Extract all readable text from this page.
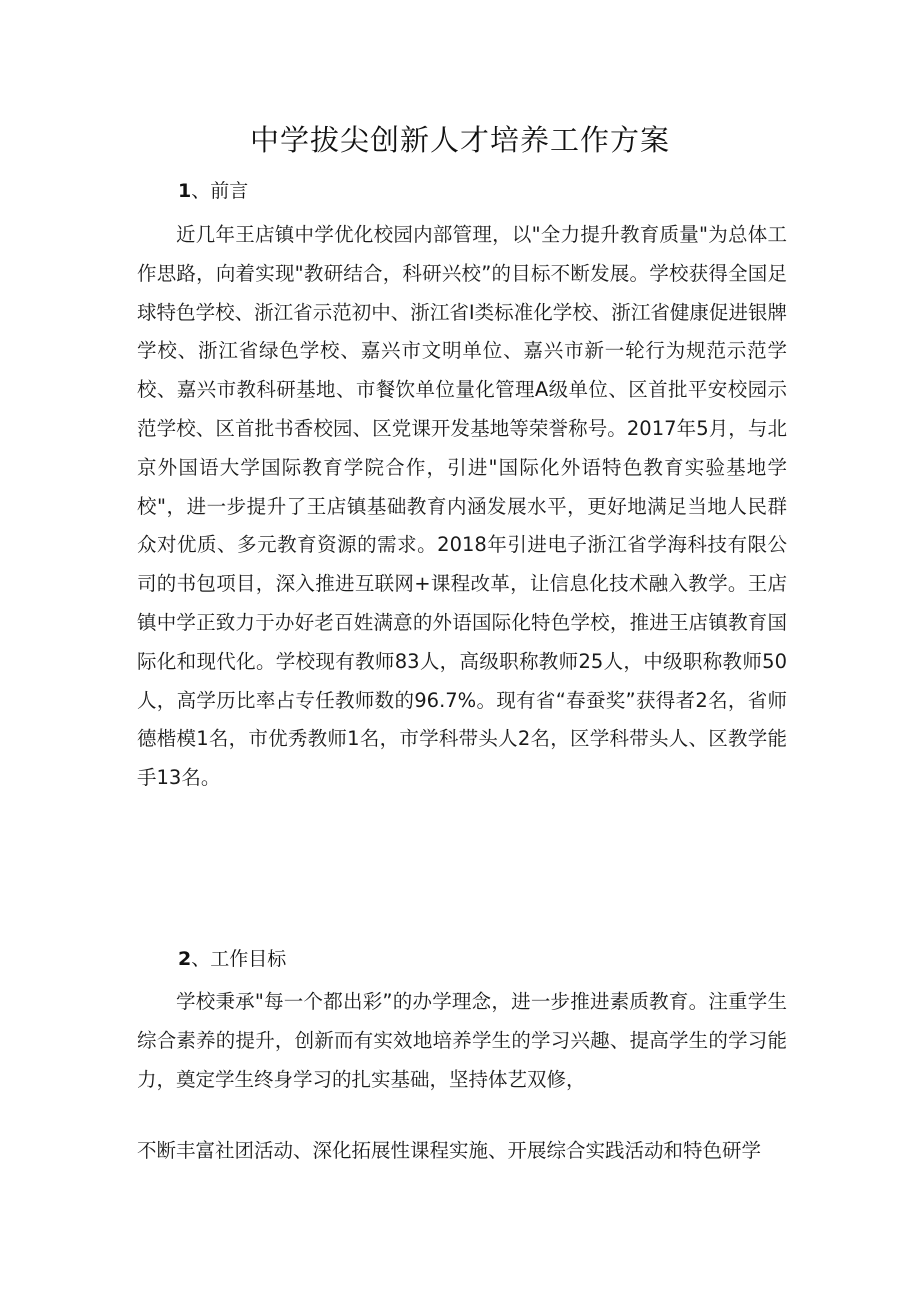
中学拔尖创新人才培养工作方案
1、前言

近几年王店镇中学优化校园内部管理，以"全力提升教育质量"为总体工作思路，向着实现"教研结合，科研兴校”的目标不断发展。学校获得全国足球特色学校、浙江省示范初中、浙江省I类标准化学校、浙江省健康促进银牌学校、浙江省绿色学校、嘉兴市文明单位、嘉兴市新一轮行为规范示范学校、嘉兴市教科研基地、市餐饮单位量化管理A级单位、区首批平安校园示范学校、区首批书香校园、区党课开发基地等荣誉称号。2017年5月，与北京外国语大学国际教育学院合作，引进"国际化外语特色教育实验基地学校"，进一步提升了王店镇基础教育内涵发展水平，更好地满足当地人民群众对优质、多元教育资源的需求。2018年引进电子浙江省学海科技有限公司的书包项目，深入推进互联网+课程改革，让信息化技术融入教学。王店镇中学正致力于办好老百姓满意的外语国际化特色学校，推进王店镇教育国际化和现代化。学校现有教师83人，高级职称教师25人，中级职称教师50人，高学历比率占专任教师数的96.7%。现有省“春蚕奖”获得者2名，省师德楷模1名，市优秀教师1名，市学科带头人2名，区学科带头人、区教学能手13名。

2、工作目标

学校秉承"每一个都出彩”的办学理念，进一步推进素质教育。注重学生综合素养的提升，创新而有实效地培养学生的学习兴趣、提高学生的学习能力，奠定学生终身学习的扎实基础，坚持体艺双修，

不断丰富社团活动、深化拓展性课程实施、开展综合实践活动和特色研学
